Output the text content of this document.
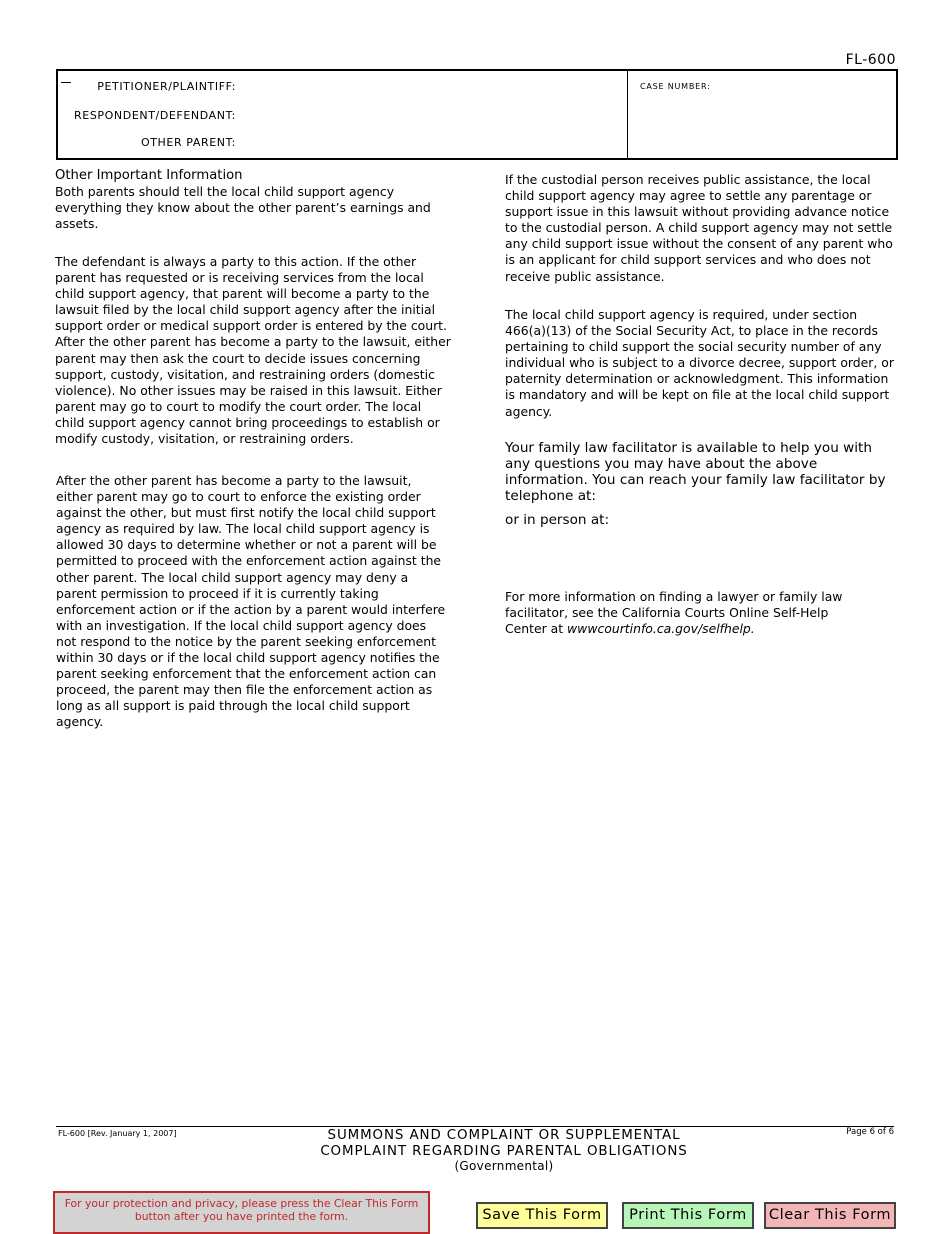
FL-600
PETITIONER/PLAINTIFF:
RESPONDENT/DEFENDANT:
OTHER PARENT:
CASE NUMBER:
Other Important Information
Both parents should tell the local child support agency everything they know about the other parent’s earnings and assets.
The defendant is always a party to this action. If the other parent has requested or is receiving services from the local child support agency, that parent will become a party to the lawsuit filed by the local child support agency after the initial support order or medical support order is entered by the court. After the other parent has become a party to the lawsuit, either parent may then ask the court to decide issues concerning support, custody, visitation, and restraining orders (domestic violence). No other issues may be raised in this lawsuit. Either parent may go to court to modify the court order. The local child support agency cannot bring proceedings to establish or modify custody, visitation, or restraining orders.
After the other parent has become a party to the lawsuit, either parent may go to court to enforce the existing order against the other, but must first notify the local child support agency as required by law. The local child support agency is allowed 30 days to determine whether or not a parent will be permitted to proceed with the enforcement action against the other parent. The local child support agency may deny a parent permission to proceed if it is currently taking enforcement action or if the action by a parent would interfere with an investigation. If the local child support agency does not respond to the notice by the parent seeking enforcement within 30 days or if the local child support agency notifies the parent seeking enforcement that the enforcement action can proceed, the parent may then file the enforcement action as long as all support is paid through the local child support agency.
If the custodial person receives public assistance, the local child support agency may agree to settle any parentage or support issue in this lawsuit without providing advance notice to the custodial person. A child support agency may not settle any child support issue without the consent of any parent who is an applicant for child support services and who does not receive public assistance.
The local child support agency is required, under section 466(a)(13) of the Social Security Act, to place in the records pertaining to child support the social security number of any individual who is subject to a divorce decree, support order, or paternity determination or acknowledgment. This information is mandatory and will be kept on file at the local child support agency.
Your family law facilitator is available to help you with any questions you may have about the above information. You can reach your family law facilitator by telephone at:
or in person at:
For more information on finding a lawyer or family law facilitator, see the California Courts Online Self-Help Center at wwwcourtinfo.ca.gov/selfhelp.
FL-600 [Rev. January 1, 2007]	Page 6 of 6
SUMMONS AND COMPLAINT OR SUPPLEMENTAL
COMPLAINT REGARDING PARENTAL OBLIGATIONS
(Governmental)
For your protection and privacy, please press the Clear This Form button after you have printed the form.	Save This Form	Print This Form	Clear This Form
